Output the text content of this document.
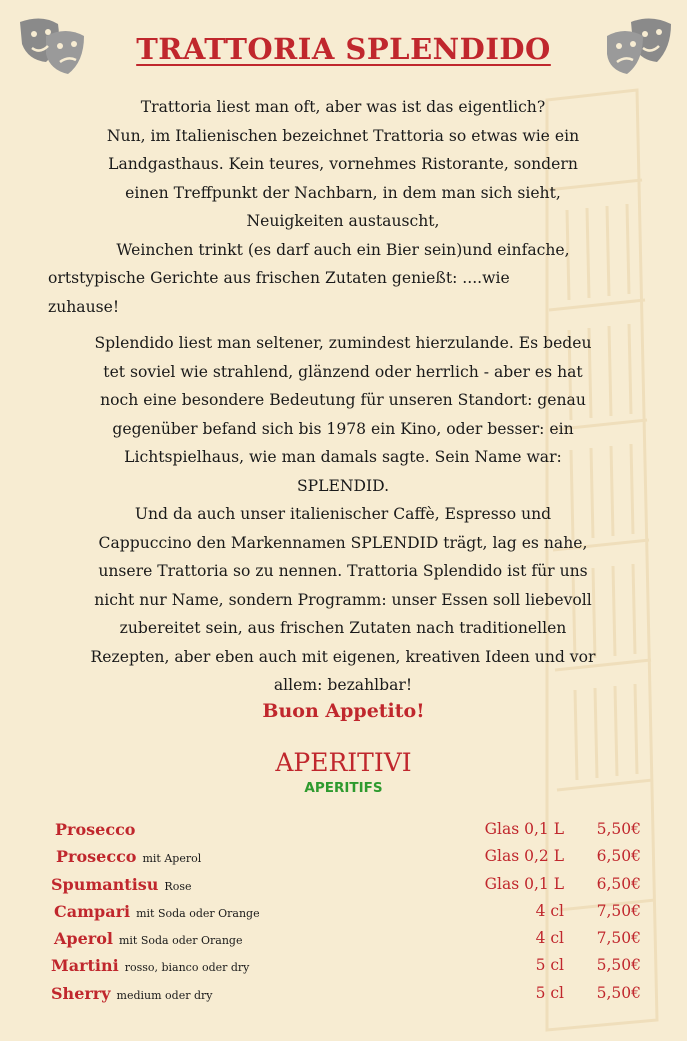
TRATTORIA SPLENDIDO

Trattoria liest man oft, aber was ist das eigentlich?

Nun, im Italienischen bezeichnet Trattoria so etwas wie ein

Landgasthaus. Kein teures, vornehmes Ristorante, sondern

einen Treffpunkt der Nachbarn, in dem man sich sieht,

Neuigkeiten austauscht,

Weinchen trinkt (es darf auch ein Bier sein)und einfache,

ortstypische Gerichte aus frischen Zutaten genießt: ....wie

zuhause!

Splendido liest man seltener, zumindest hierzulande. Es bedeu

tet soviel wie strahlend, glänzend oder herrlich - aber es hat

noch eine besondere Bedeutung für unseren Standort: genau

gegenüber befand sich bis 1978 ein Kino, oder besser: ein

Lichtspielhaus, wie man damals sagte. Sein Name war:

SPLENDID.

Und da auch unser italienischer Caffè, Espresso und

Cappuccino den Markennamen SPLENDID trägt, lag es nahe,

unsere Trattoria so zu nennen. Trattoria Splendido ist für uns

nicht nur Name, sondern Programm: unser Essen soll liebevoll

zubereitet sein, aus frischen Zutaten nach traditionellen

Rezepten, aber eben auch mit eigenen, kreativen Ideen und vor

allem: bezahlbar!

Buon Appetito!
APERITIVI
APERITIFS
Prosecco	Glas 0,1 L 5,50€
Prosecco mit Aperol	Glas 0,2 L 6,50€
Spumantisu Rose	Glas 0,1 L 6,50€
Campari mit Soda oder Orange	4 cl 7,50€
Aperol mit Soda oder Orange	4 cl 7,50€
Martini rosso, bianco oder dry	5 cl 5,50€
Sherry medium oder dry	5 cl 5,50€
